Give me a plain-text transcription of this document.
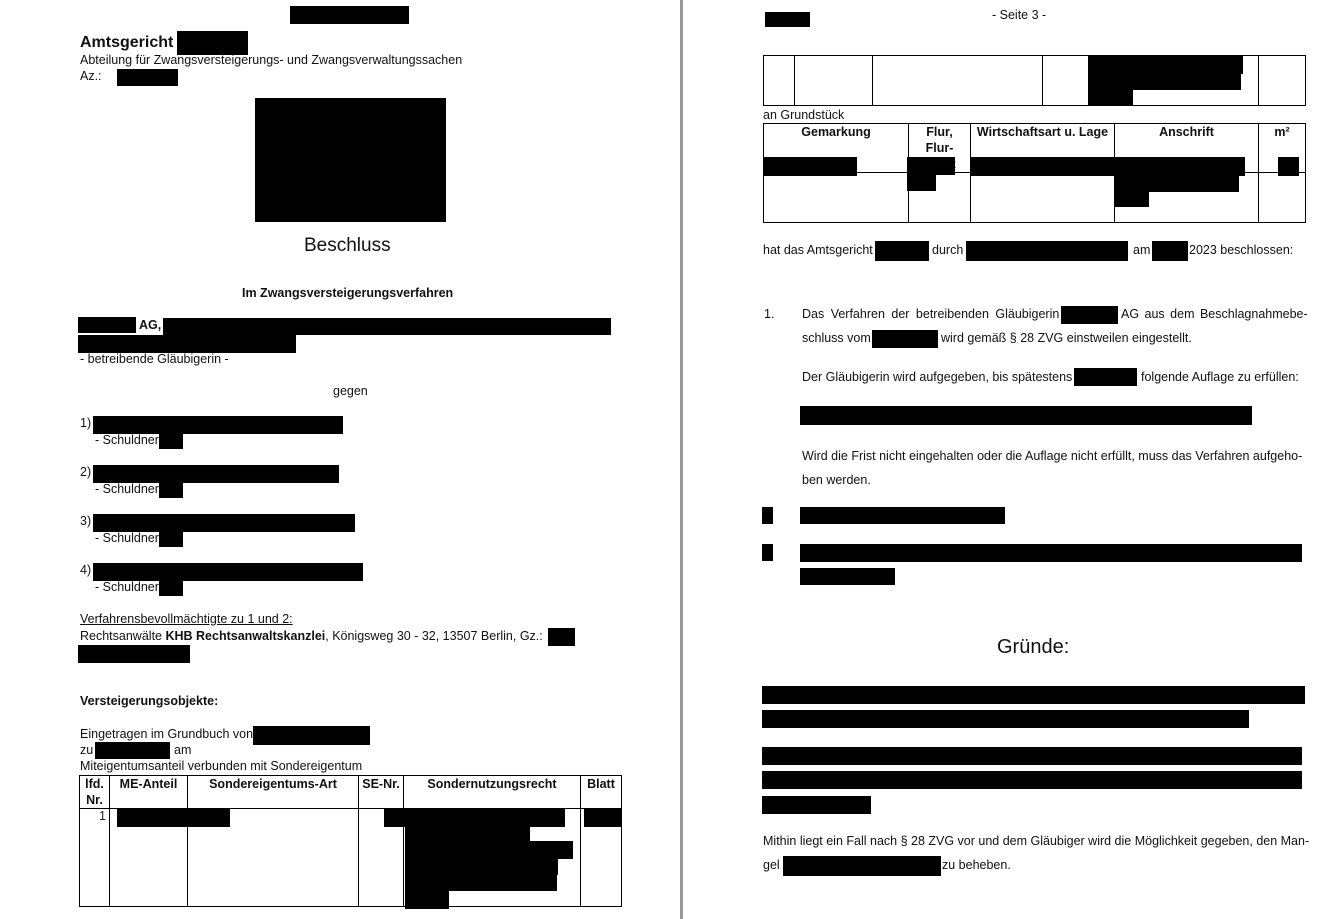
Amtsgericht
Abteilung für Zwangsversteigerungs- und Zwangsverwaltungssachen
Az.:
Beschluss
Im Zwangsversteigerungsverfahren
AG,
- betreibende Gläubigerin -
gegen
1)
- Schuldner
2)
- Schuldner
3)
- Schuldner
4)
- Schuldner
Verfahrensbevollmächtigte zu 1 und 2:
Rechtsanwälte KHB Rechtsanwaltskanzlei, Königsweg 30 - 32, 13507 Berlin, Gz.:
Versteigerungsobjekte:
Eingetragen im Grundbuch von
zu	am
Miteigentumsanteil verbunden mit Sondereigentum
lfd. Nr.	ME-Anteil	Sondereigentums-Art	SE-Nr.	Sondernutzungsrecht	Blatt
1					
- Seite 3 -

an Grundstück
Gemarkung	Flur, Flur-	Wirtschaftsart u. Lage	Anschrift	m²

hat das Amtsgericht	durch	am	2023 beschlossen:
1. Das Verfahren der betreibenden Gläubigerin	AG aus dem Beschlagnahmebe-
schluss vom	wird gemäß § 28 ZVG einstweilen eingestellt.
Der Gläubigerin wird aufgegeben, bis spätestens	folgende Auflage zu erfüllen:
Wird die Frist nicht eingehalten oder die Auflage nicht erfüllt, muss das Verfahren aufgeho-
ben werden.
Gründe:
Mithin liegt ein Fall nach § 28 ZVG vor und dem Gläubiger wird die Möglichkeit gegeben, den Man-
gel	zu beheben.
